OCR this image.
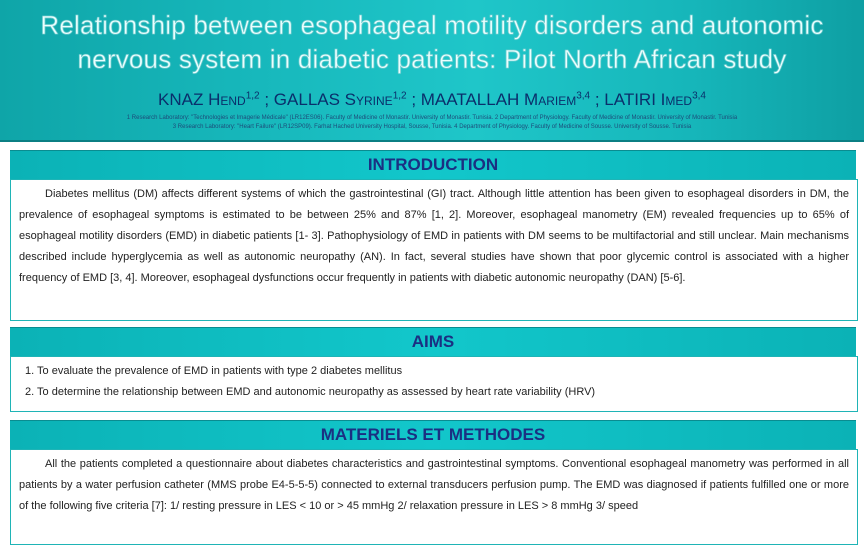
Relationship between esophageal motility disorders and autonomic
nervous system in diabetic patients: Pilot North African study
KNAZ Hend$^{1,2}$ ; GALLAS Syrine$^{1,2}$ ; MAATALLAH Mariem$^{3,4}$ ; LATIRI Imed$^{3,4}$
1 Research Laboratory: "Technologies et Imagerie Médicale" (LR12ES06). Faculty of Medicine of Monastir. University of Monastir. Tunisia. 2 Department of Physiology. Faculty of Medicine of Monastir. University of Monastir. Tunisia
3 Research Laboratory: "Heart Failure" (LR12SP09). Farhat Hached University Hospital, Sousse, Tunisia. 4 Department of Physiology. Faculty of Medicine of Sousse. University of Sousse. Tunisia
INTRODUCTION

Diabetes mellitus (DM) affects different systems of which the gastrointestinal (GI) tract. Although little attention has been given to esophageal disorders in DM, the prevalence of esophageal symptoms is estimated to be between 25% and 87% [1, 2]. Moreover, esophageal manometry (EM) revealed frequencies up to 65% of esophageal motility disorders (EMD) in diabetic patients [1- 3]. Pathophysiology of EMD in patients with DM seems to be multifactorial and still unclear. Main mechanisms described include hyperglycemia as well as autonomic neuropathy (AN). In fact, several studies have shown that poor glycemic control is associated with a higher frequency of EMD [3, 4]. Moreover, esophageal dysfunctions occur frequently in patients with diabetic autonomic neuropathy (DAN) [5-6].

AIMS

1. To evaluate the prevalence of EMD in patients with type 2 diabetes mellitus

2. To determine the relationship between EMD and autonomic neuropathy as assessed by heart rate variability (HRV)

MATERIELS ET METHODES

All the patients completed a questionnaire about diabetes characteristics and gastrointestinal symptoms. Conventional esophageal manometry was performed in all patients by a water perfusion catheter (MMS probe E4-5-5-5) connected to external transducers perfusion pump. The EMD was diagnosed if patients fulfilled one or more of the following five criteria [7]: 1/ resting pressure in LES < 10 or > 45 mmHg 2/ relaxation pressure in LES > 8 mmHg 3/ speed
